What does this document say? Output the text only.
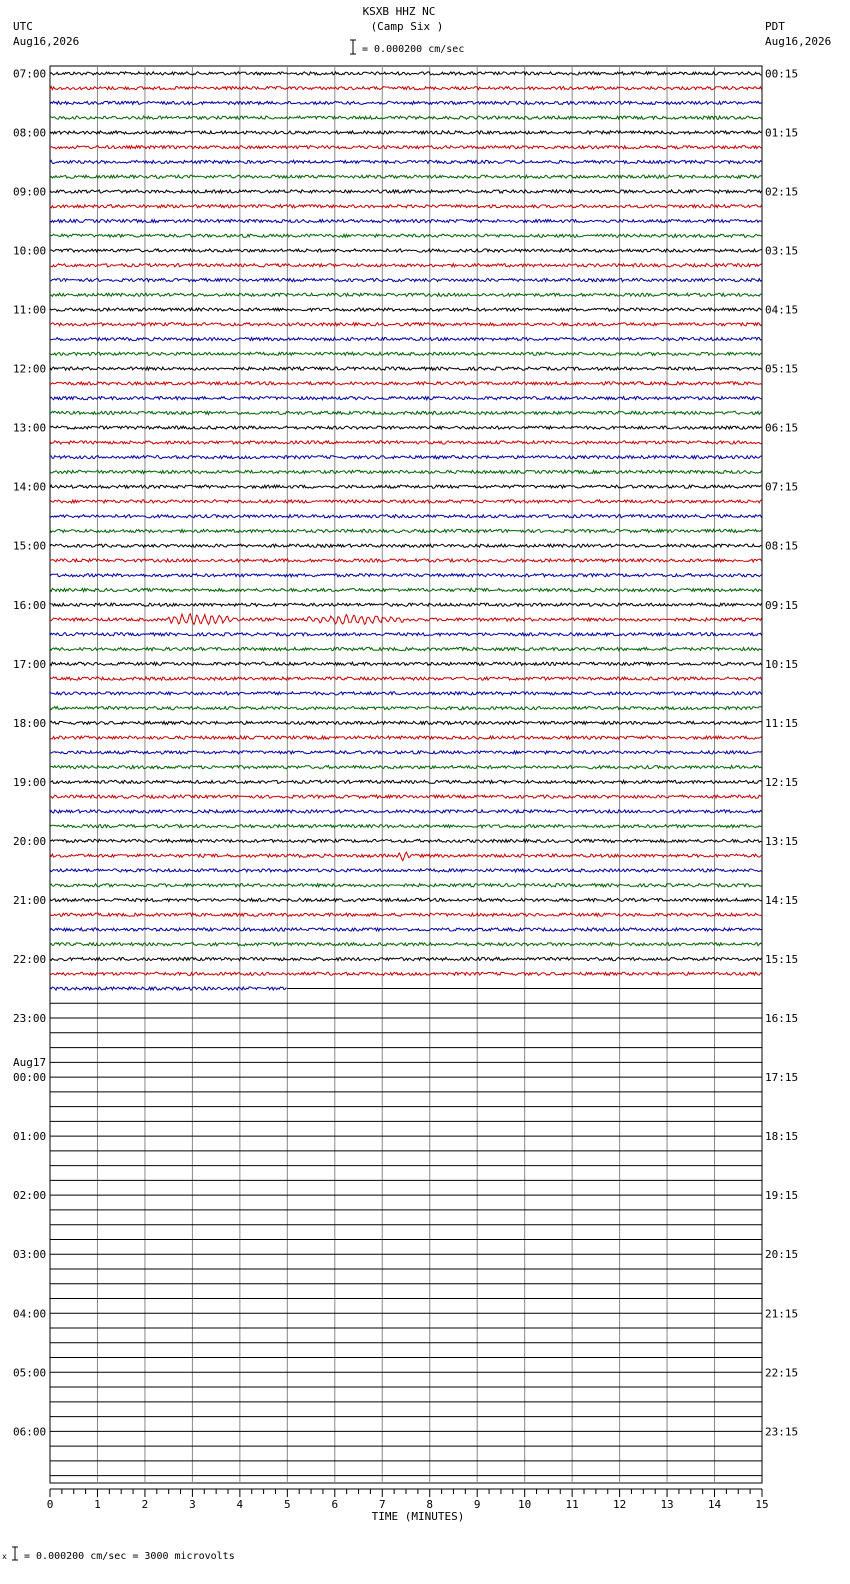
KSXB HHZ NC
(Camp Six )
= 0.000200 cm/sec
UTC
Aug16,2026
PDT
Aug16,2026
07:00
08:00
09:00
10:00
11:00
12:00
13:00
14:00
15:00
16:00
17:00
18:00
19:00
20:00
21:00
22:00
23:00
00:00
Aug17
01:00
02:00
03:00
04:00
05:00
06:00
00:15
01:15
02:15
03:15
04:15
05:15
06:15
07:15
08:15
09:15
10:15
11:15
12:15
13:15
14:15
15:15
16:15
17:15
18:15
19:15
20:15
21:15
22:15
23:15
0	1	2	3	4	5	6	7	8	9	10	11	12	13	14	15
TIME (MINUTES)
x = 0.000200 cm/sec = 3000 microvolts
